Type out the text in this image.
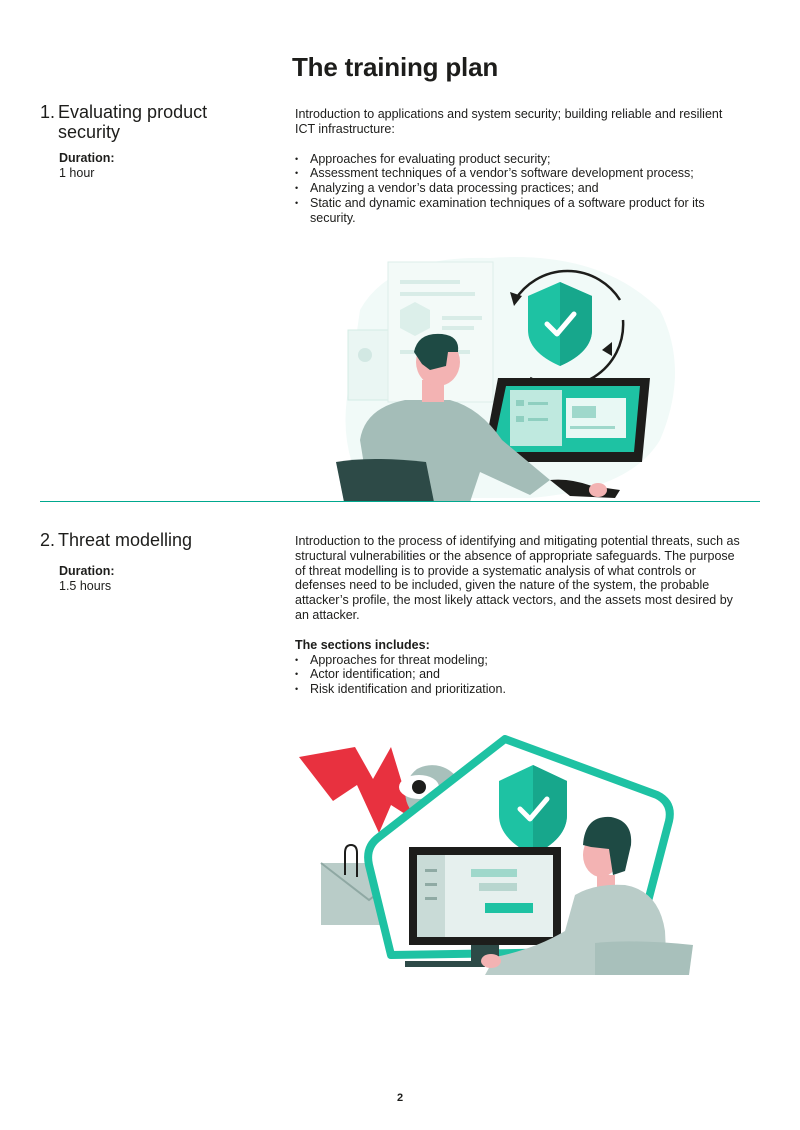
The training plan
1. Evaluating product security
Duration:
1 hour

Introduction to applications and system security; building reliable and resilient ICT infrastructure:

• Approaches for evaluating product security;
• Assessment techniques of a vendor’s software development process;
• Analyzing a vendor’s data processing practices; and
• Static and dynamic examination techniques of a software product for its security.
2. Threat modelling
Duration:
1.5 hours

Introduction to the process of identifying and mitigating potential threats, such as structural vulnerabilities or the absence of appropriate safeguards. The purpose of threat modelling is to provide a systematic analysis of what controls or defenses need to be included, given the nature of the system, the probable attacker’s profile, the most likely attack vectors, and the assets most desired by an attacker.

The sections includes:

• Approaches for threat modeling;
• Actor identification; and
• Risk identification and prioritization.
2
